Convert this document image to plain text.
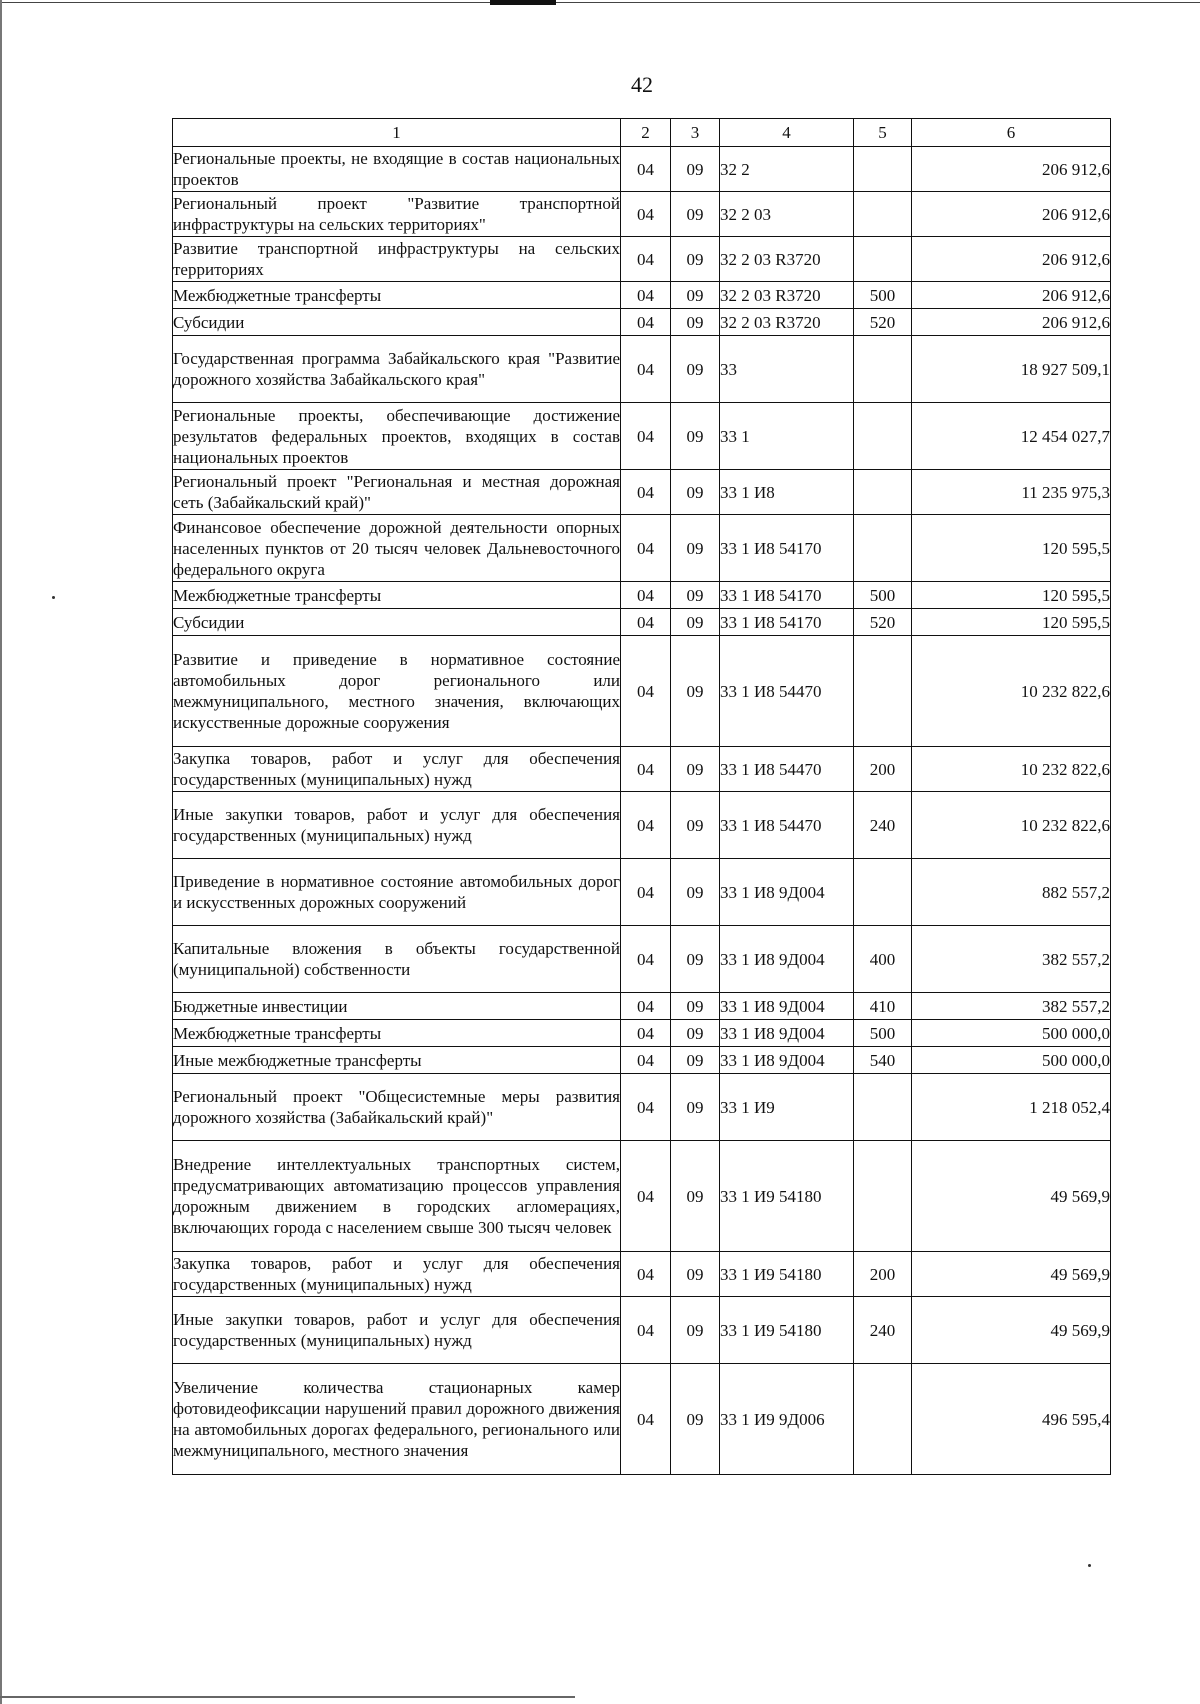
42
1	2	3	4	5	6
Региональные проекты, не входящие в состав национальных проектов	04	09	32 2		206 912,6
Региональный проект "Развитие транспортной инфраструктуры на сельских территориях"	04	09	32 2 03		206 912,6
Развитие транспортной инфраструктуры на сельских территориях	04	09	32 2 03 R3720		206 912,6
Межбюджетные трансферты	04	09	32 2 03 R3720	500	206 912,6
Субсидии	04	09	32 2 03 R3720	520	206 912,6
Государственная программа Забайкальского края "Развитие дорожного хозяйства Забайкальского края"	04	09	33		18 927 509,1
Региональные проекты, обеспечивающие достижение результатов федеральных проектов, входящих в состав национальных проектов	04	09	33 1		12 454 027,7
Региональный проект "Региональная и местная дорожная сеть (Забайкальский край)"	04	09	33 1 И8		11 235 975,3
Финансовое обеспечение дорожной деятельности опорных населенных пунктов от 20 тысяч человек Дальневосточного федерального округа	04	09	33 1 И8 54170		120 595,5
Межбюджетные трансферты	04	09	33 1 И8 54170	500	120 595,5
Субсидии	04	09	33 1 И8 54170	520	120 595,5
Развитие и приведение в нормативное состояние автомобильных дорог регионального или межмуниципального, местного значения, включающих искусственные дорожные сооружения	04	09	33 1 И8 54470		10 232 822,6
Закупка товаров, работ и услуг для обеспечения государственных (муниципальных) нужд	04	09	33 1 И8 54470	200	10 232 822,6
Иные закупки товаров, работ и услуг для обеспечения государственных (муниципальных) нужд	04	09	33 1 И8 54470	240	10 232 822,6
Приведение в нормативное состояние автомобильных дорог и искусственных дорожных сооружений	04	09	33 1 И8 9Д004		882 557,2
Капитальные вложения в объекты государственной (муниципальной) собственности	04	09	33 1 И8 9Д004	400	382 557,2
Бюджетные инвестиции	04	09	33 1 И8 9Д004	410	382 557,2
Межбюджетные трансферты	04	09	33 1 И8 9Д004	500	500 000,0
Иные межбюджетные трансферты	04	09	33 1 И8 9Д004	540	500 000,0
Региональный проект "Общесистемные меры развития дорожного хозяйства (Забайкальский край)"	04	09	33 1 И9		1 218 052,4
Внедрение интеллектуальных транспортных систем, предусматривающих автоматизацию процессов управления дорожным движением в городских агломерациях, включающих города с населением свыше 300 тысяч человек	04	09	33 1 И9 54180		49 569,9
Закупка товаров, работ и услуг для обеспечения государственных (муниципальных) нужд	04	09	33 1 И9 54180	200	49 569,9
Иные закупки товаров, работ и услуг для обеспечения государственных (муниципальных) нужд	04	09	33 1 И9 54180	240	49 569,9
Увеличение количества стационарных камер фотовидеофиксации нарушений правил дорожного движения на автомобильных дорогах федерального, регионального или межмуниципального, местного значения	04	09	33 1 И9 9Д006		496 595,4
